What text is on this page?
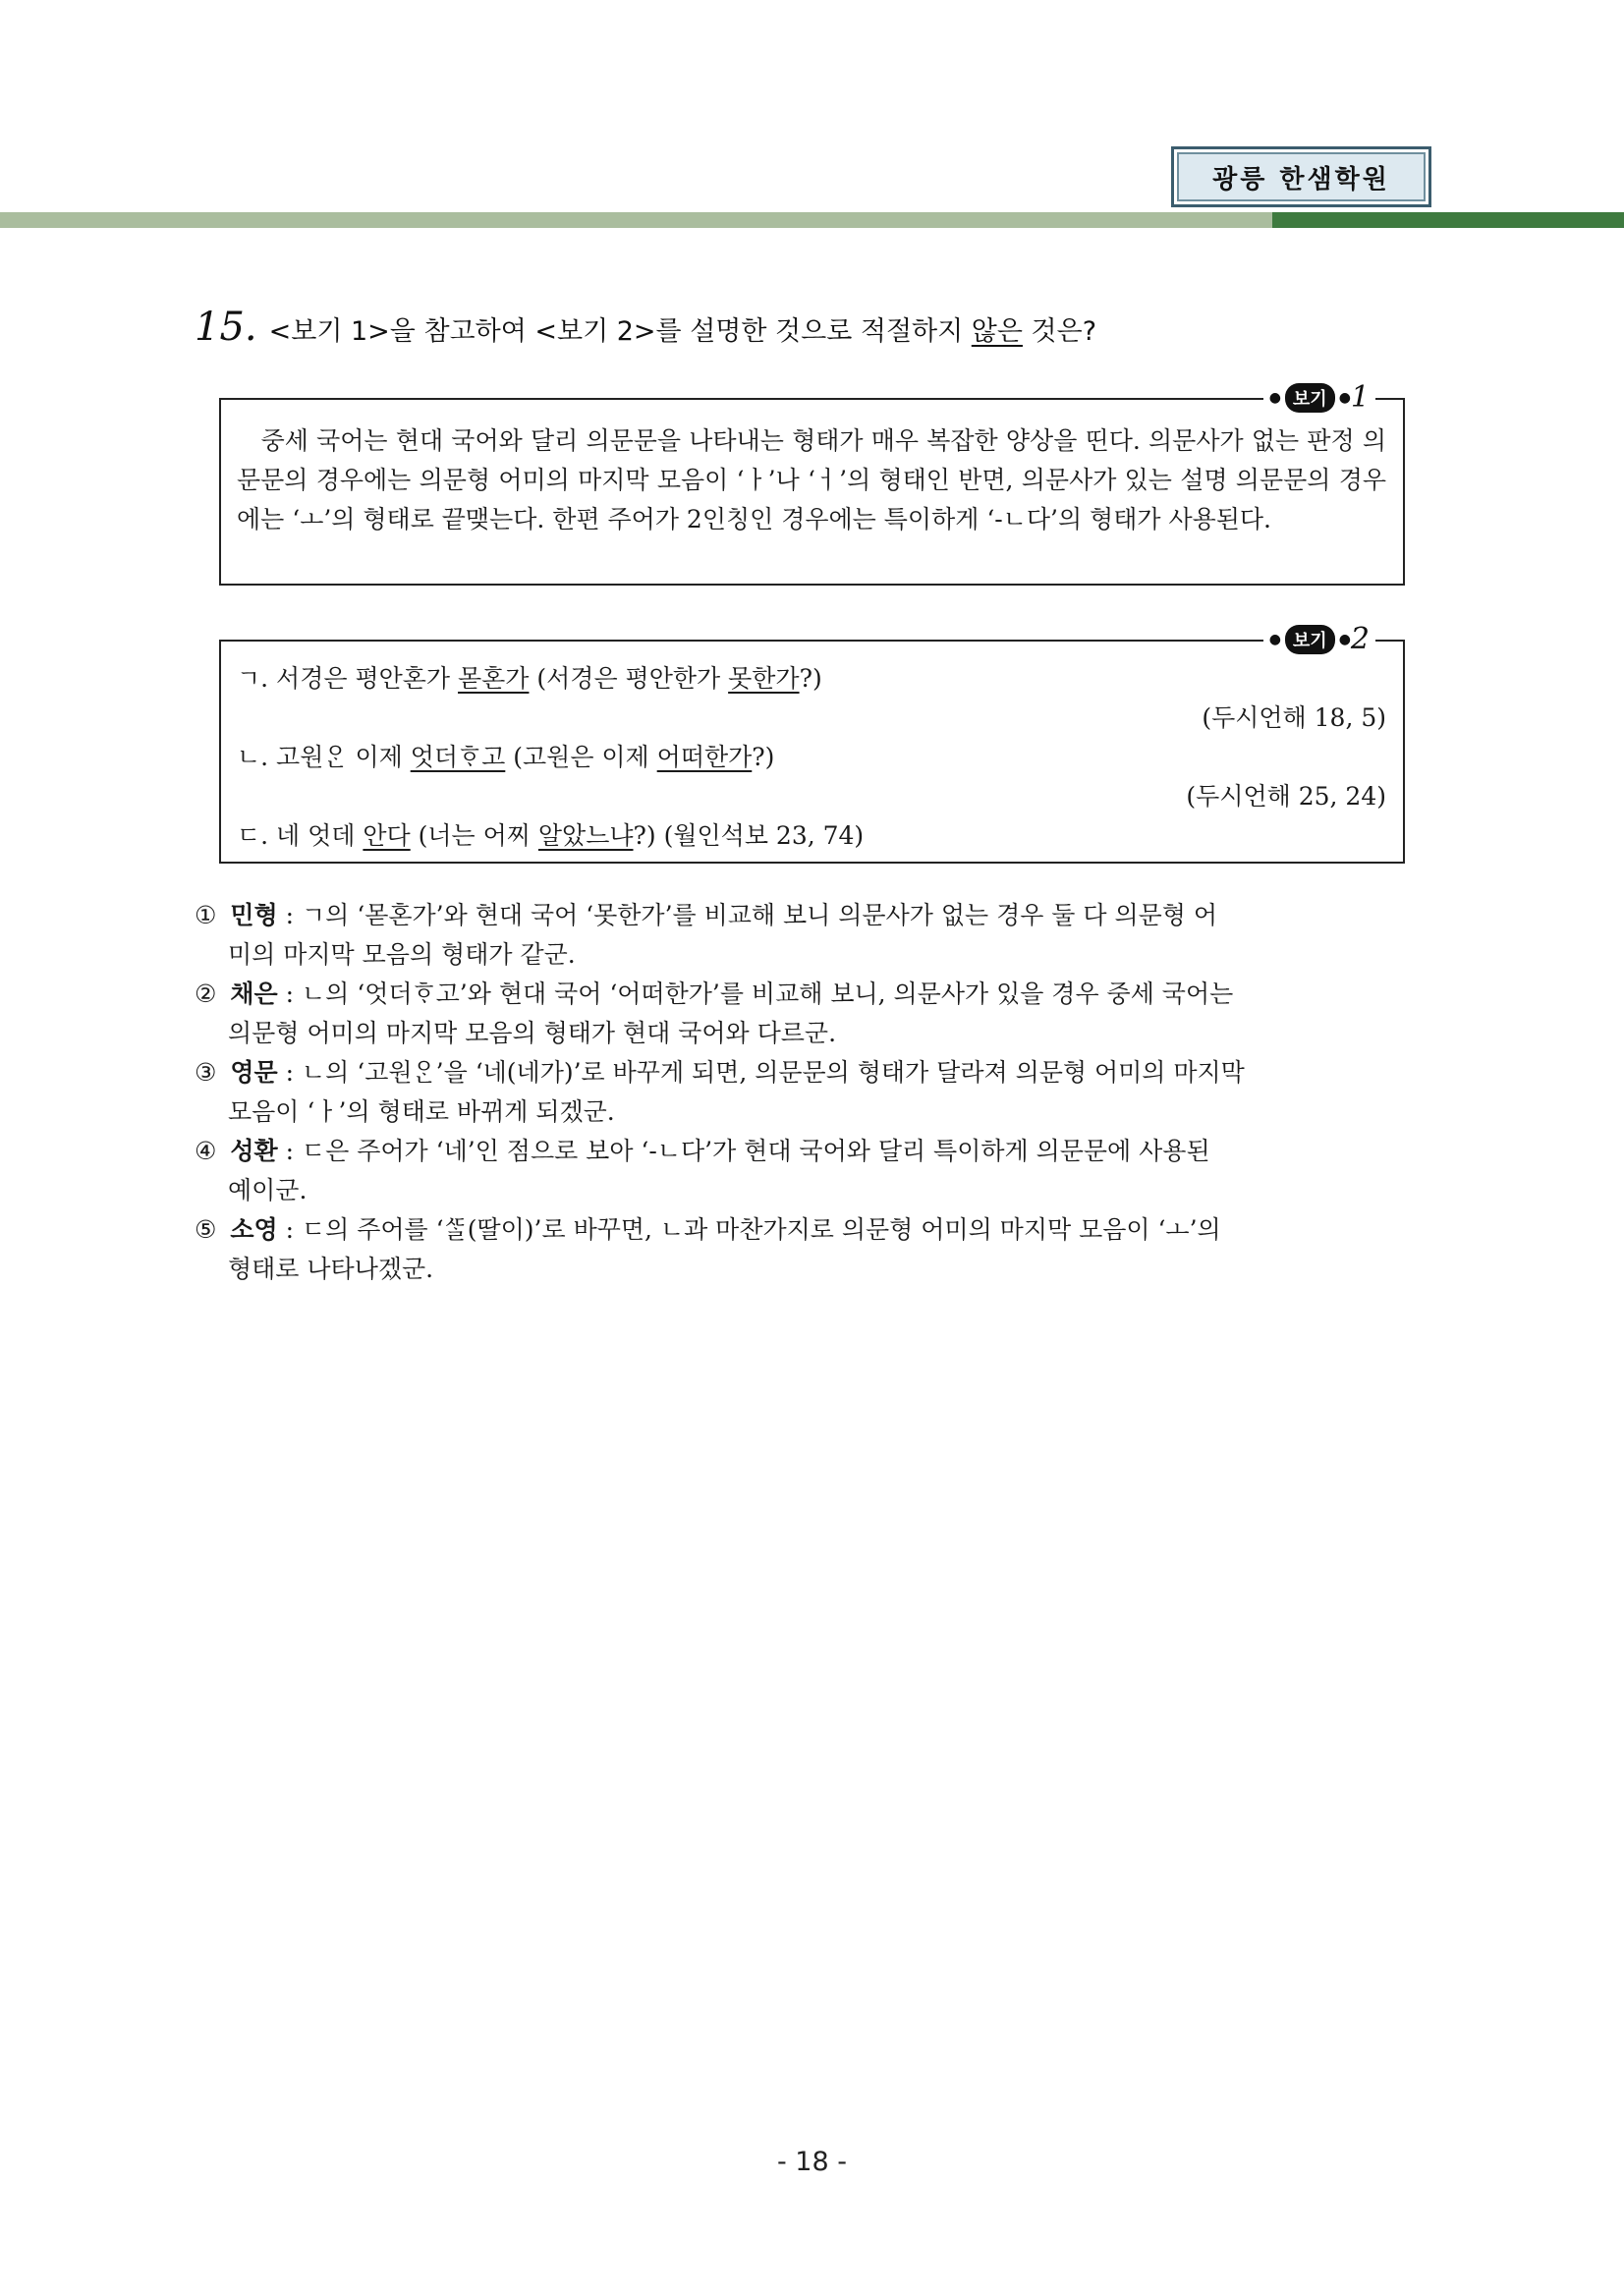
광릉 한샘학원
15. <보기 1>을 참고하여 <보기 2>를 설명한 것으로 적절하지 않은 것은?
● 보기 ● 1

중세 국어는 현대 국어와 달리 의문문을 나타내는 형태가 매우 복잡한 양상을 띤다. 의문사가 없는 판정 의문문의 경우에는 의문형 어미의 마지막 모음이 ‘ㅏ’나 ‘ㅓ’의 형태인 반면, 의문사가 있는 설명 의문문의 경우에는 ‘ㅗ’의 형태로 끝맺는다. 한편 주어가 2인칭인 경우에는 특이하게 ‘-ㄴ다’의 형태가 사용된다.

● 보기 ● 2
ㄱ. 서경은 평안혼가 몯혼가 (서경은 평안한가 못한가?)
(두시언해 18, 5)
ㄴ. 고원ᄋᆞᆫ 이제 엇더ᄒᆞ고 (고원은 이제 어떠한가?)
(두시언해 25, 24)
ㄷ. 네 엇데 안다 (너는 어찌 알았느냐?) (월인석보 23, 74)
① 민형 : ㄱ의 ‘몯혼가’와 현대 국어 ‘못한가’를 비교해 보니 의문사가 없는 경우 둘 다 의문형 어
미의 마지막 모음의 형태가 같군.
② 채은 : ㄴ의 ‘엇더ᄒᆞ고’와 현대 국어 ‘어떠한가’를 비교해 보니, 의문사가 있을 경우 중세 국어는
의문형 어미의 마지막 모음의 형태가 현대 국어와 다르군.
③ 영문 : ㄴ의 ‘고원ᄋᆞᆫ’을 ‘네(네가)’로 바꾸게 되면, 의문문의 형태가 달라져 의문형 어미의 마지막
모음이 ‘ㅏ’의 형태로 바뀌게 되겠군.
④ 성환 : ㄷ은 주어가 ‘네’인 점으로 보아 ‘-ㄴ다’가 현대 국어와 달리 특이하게 의문문에 사용된
예이군.
⑤ 소영 : ㄷ의 주어를 ‘ᄯᆞᆯ(딸이)’로 바꾸면, ㄴ과 마찬가지로 의문형 어미의 마지막 모음이 ‘ㅗ’의
형태로 나타나겠군.
- 18 -
